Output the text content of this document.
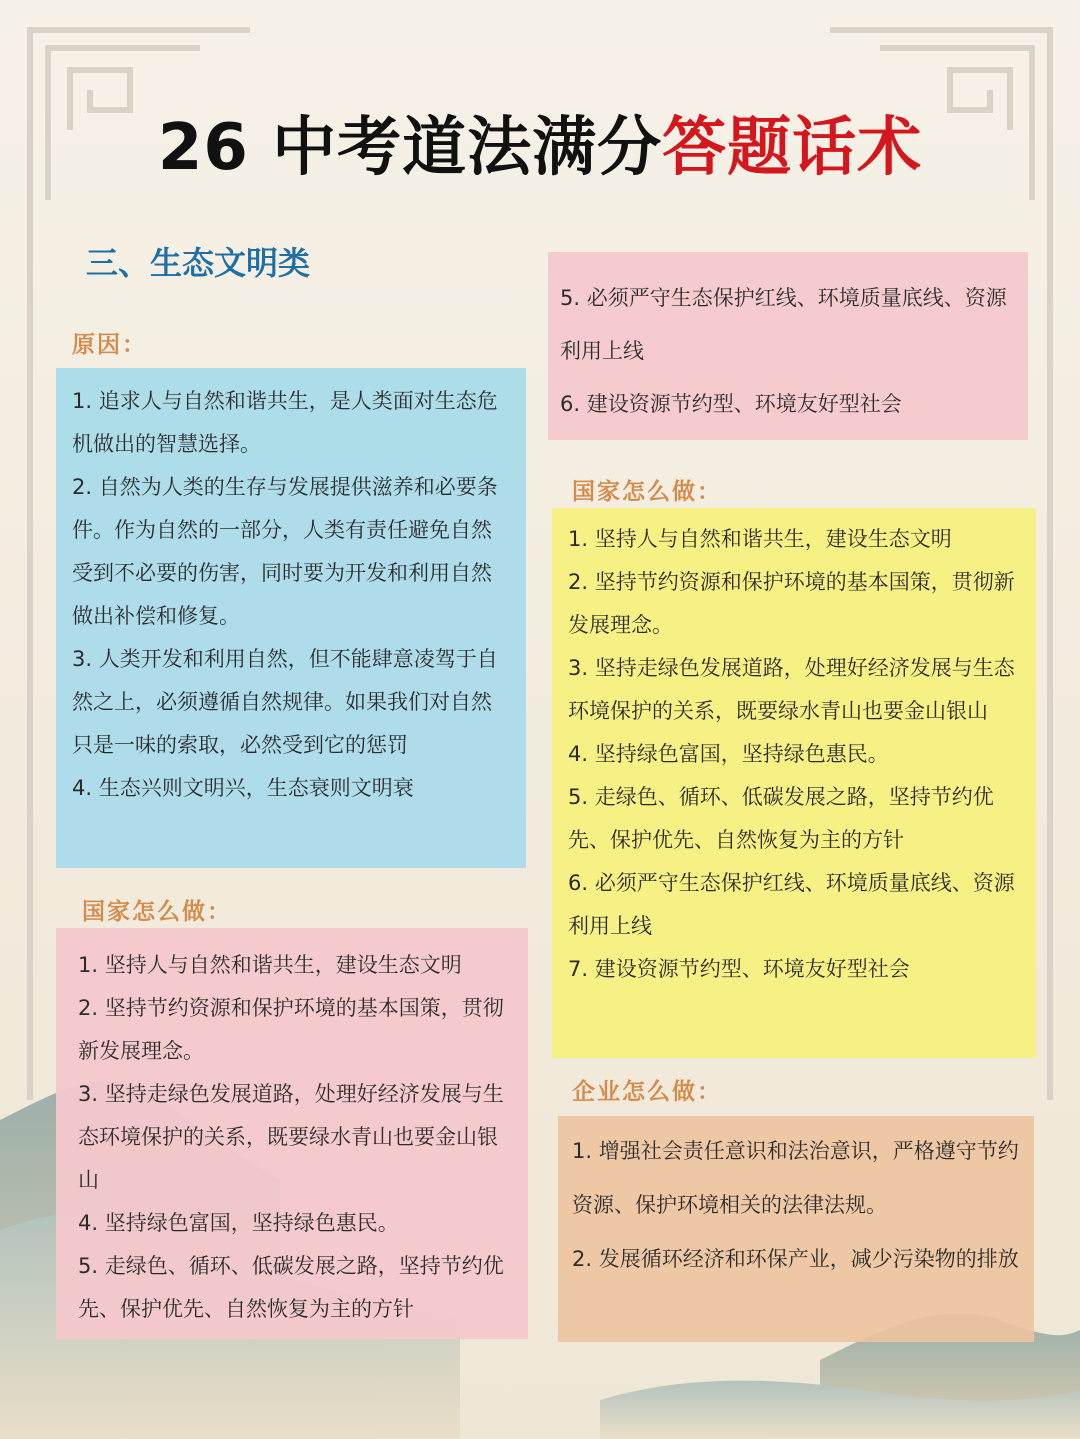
26 中考道法满分答题话术
三、生态文明类
原因：

1. 追求人与自然和谐共生，是人类面对生态危机做出的智慧选择。

2. 自然为人类的生存与发展提供滋养和必要条件。作为自然的一部分，人类有责任避免自然受到不必要的伤害，同时要为开发和利用自然做出补偿和修复。

3. 人类开发和利用自然，但不能肆意凌驾于自然之上，必须遵循自然规律。如果我们对自然只是一味的索取，必然受到它的惩罚

4. 生态兴则文明兴，生态衰则文明衰

国家怎么做：

1. 坚持人与自然和谐共生，建设生态文明

2. 坚持节约资源和保护环境的基本国策，贯彻新发展理念。

3. 坚持走绿色发展道路，处理好经济发展与生态环境保护的关系，既要绿水青山也要金山银山

4. 坚持绿色富国，坚持绿色惠民。

5. 走绿色、循环、低碳发展之路，坚持节约优先、保护优先、自然恢复为主的方针

5. 必须严守生态保护红线、环境质量底线、资源利用上线

6. 建设资源节约型、环境友好型社会

国家怎么做：

1. 坚持人与自然和谐共生，建设生态文明

2. 坚持节约资源和保护环境的基本国策，贯彻新发展理念。

3. 坚持走绿色发展道路，处理好经济发展与生态环境保护的关系，既要绿水青山也要金山银山

4. 坚持绿色富国，坚持绿色惠民。

5. 走绿色、循环、低碳发展之路，坚持节约优先、保护优先、自然恢复为主的方针

6. 必须严守生态保护红线、环境质量底线、资源利用上线

7. 建设资源节约型、环境友好型社会

企业怎么做：

1. 增强社会责任意识和法治意识，严格遵守节约资源、保护环境相关的法律法规。

2. 发展循环经济和环保产业，减少污染物的排放
